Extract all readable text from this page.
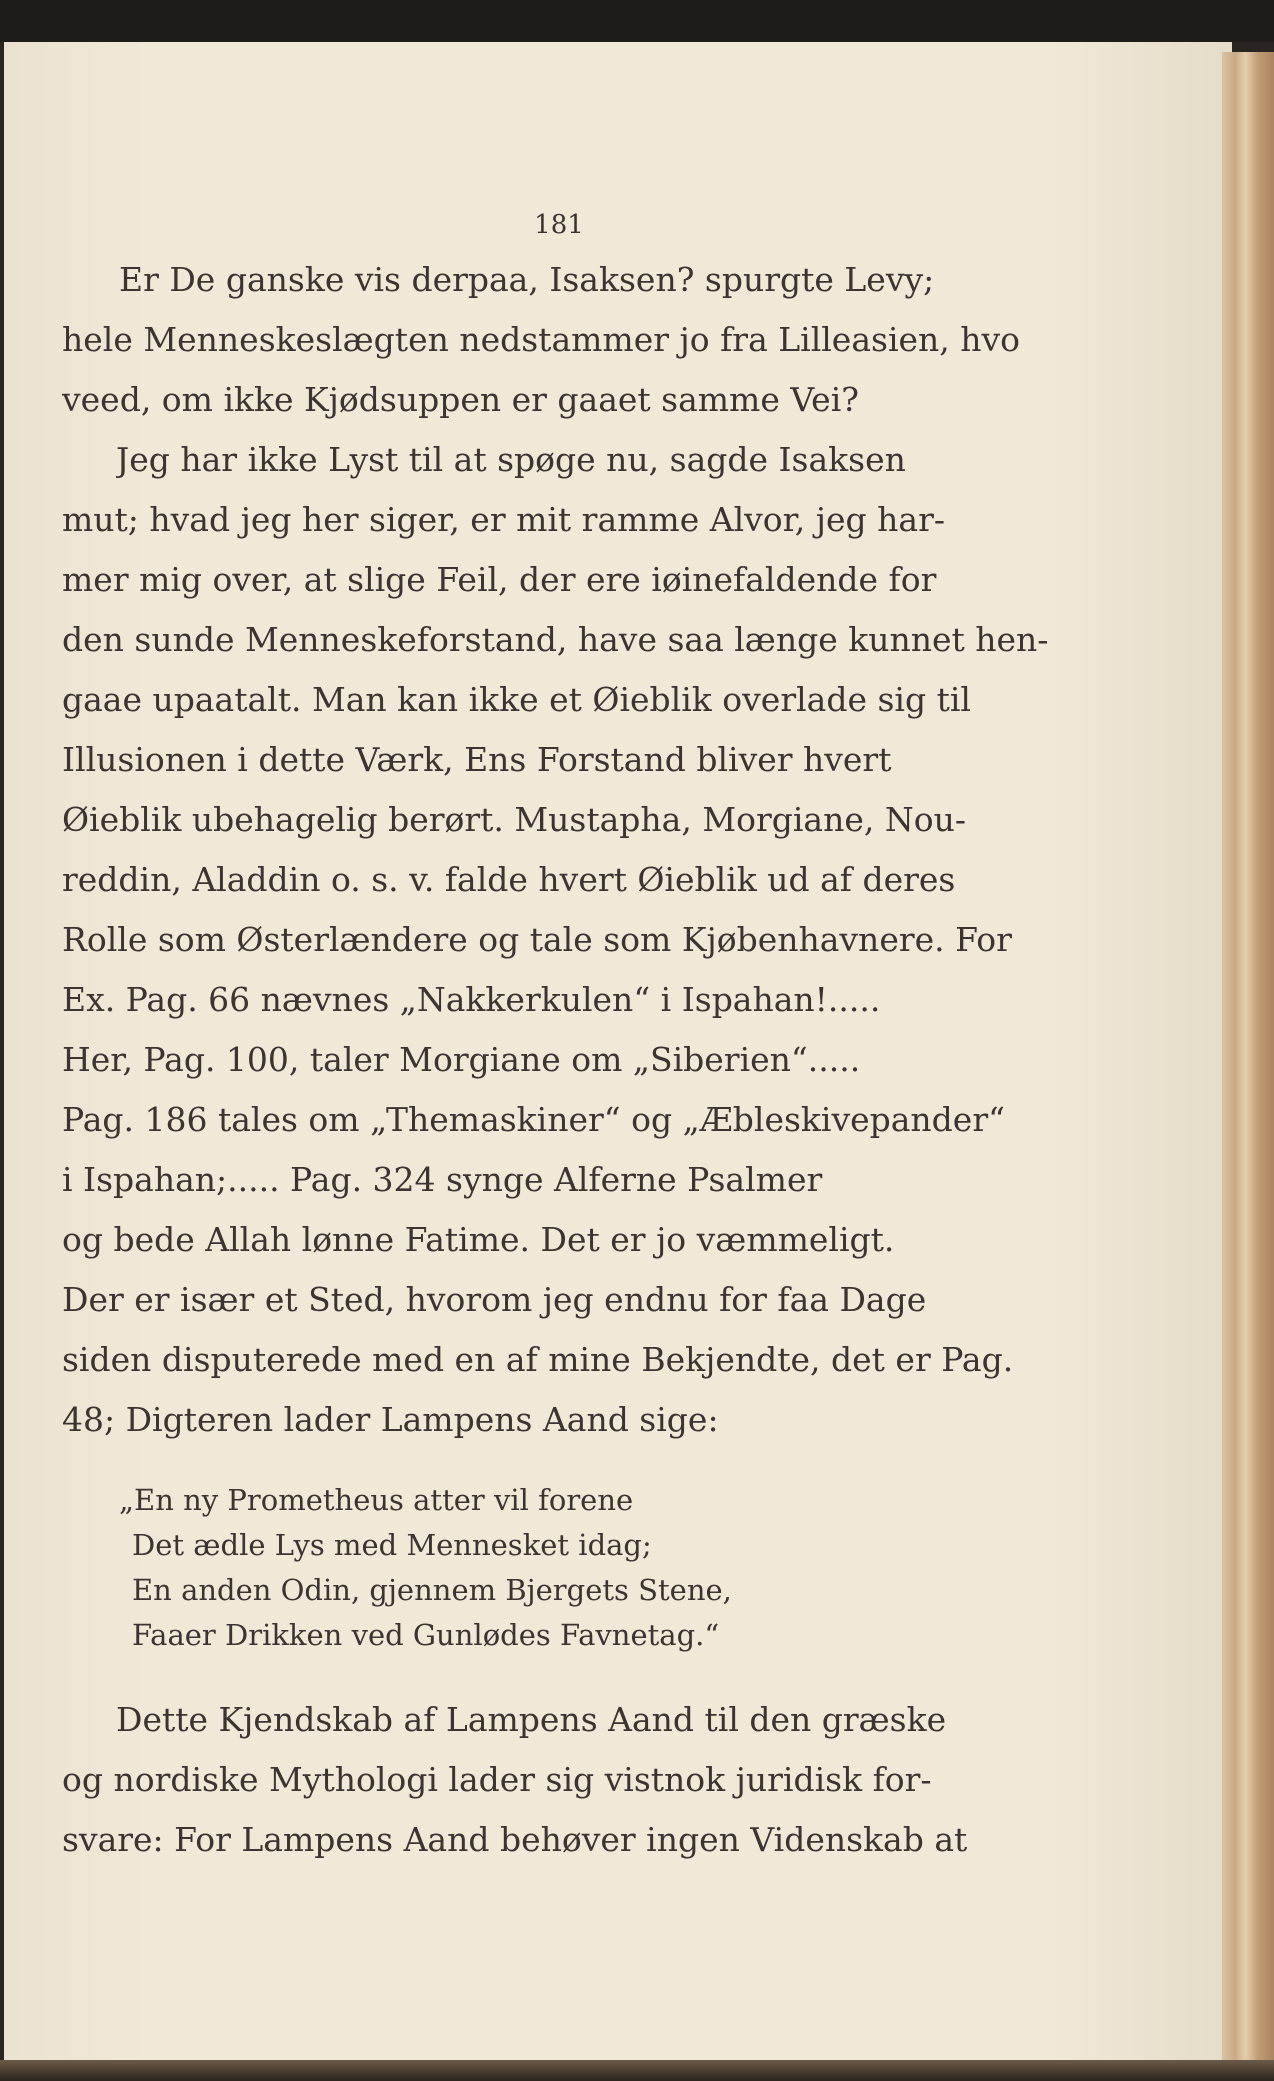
181
Er De ganske vis derpaa, Isaksen? spurgte Levy;
hele Menneskeslægten nedstammer jo fra Lilleasien, hvo
veed, om ikke Kjødsuppen er gaaet samme Vei?
Jeg har ikke Lyst til at spøge nu, sagde Isaksen
mut; hvad jeg her siger, er mit ramme Alvor, jeg har-
mer mig over, at slige Feil, der ere iøinefaldende for
den sunde Menneskeforstand, have saa længe kunnet hen-
gaae upaatalt. Man kan ikke et Øieblik overlade sig til
Illusionen i dette Værk, Ens Forstand bliver hvert
Øieblik ubehagelig berørt. Mustapha, Morgiane, Nou-
reddin, Aladdin o. s. v. falde hvert Øieblik ud af deres
Rolle som Østerlændere og tale som Kjøbenhavnere. For
Ex. Pag. 66 nævnes „Nakkerkulen“ i Ispahan!.....
Her, Pag. 100, taler Morgiane om „Siberien“.....
Pag. 186 tales om „Themaskiner“ og „Æbleskivepander“
i Ispahan;..... Pag. 324 synge Alferne Psalmer
og bede Allah lønne Fatime. Det er jo væmmeligt.
Der er især et Sted, hvorom jeg endnu for faa Dage
siden disputerede med en af mine Bekjendte, det er Pag.
48; Digteren lader Lampens Aand sige:
„En ny Prometheus atter vil forene
Det ædle Lys med Mennesket idag;
En anden Odin, gjennem Bjergets Stene,
Faaer Drikken ved Gunlødes Favnetag.“
Dette Kjendskab af Lampens Aand til den græske
og nordiske Mythologi lader sig vistnok juridisk for-
svare: For Lampens Aand behøver ingen Videnskab at
